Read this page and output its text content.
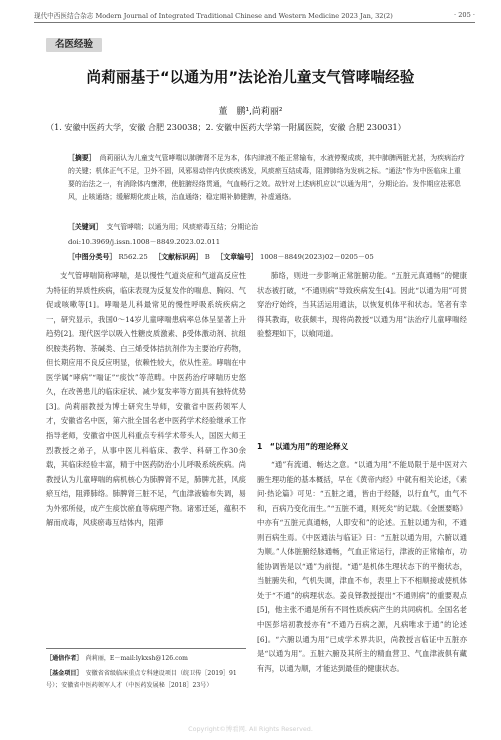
现代中西医结合杂志 Modern Journal of Integrated Traditional Chinese and Western Medicine 2023 Jan, 32(2)	· 205 ·
名医经验
尚莉丽基于“以通为用”法论治儿童支气管哮喘经验
董　鹏¹,尚莉丽²
（1. 安徽中医药大学，安徽 合肥 230038；2. 安徽中医药大学第一附属医院，安徽 合肥 230031）
［摘要］ 尚莉丽认为儿童支气管哮喘以肺脾肾不足为本，体内津液不能正常输布，水液停聚成痰，其中肺脾两脏尤甚，为疾病治疗的关键；机体正气不足，卫外不固，风邪易动伴内伏痰疾诱发，风痰瘀互结成毒，阻滞肺络为发病之标。“通法”作为中医临床上重要的治法之一，有消除体内壅滞，使脏腑经络贯通，气血畅行之效。故针对上述病机应以“以通为用”，分期论治。发作期应祛邪息风，止咳通络；缓解期化痰止咳，治血通络；稳定期补肺健脾，补虚通络。
［关键词］ 支气管哮喘；以通为用；风痰瘀毒互结；分期论治
doi:10.3969/j.issn.1008－8849.2023.02.011
［中图分类号］ R562.25 ［文献标识码］ B ［文章编号］ 1008－8849(2023)02－0205－05
支气管哮喘简称哮喘，是以慢性气道炎症和气道高反应性为特征的异质性疾病，临床表现为反复发作的喘息、胸闷、气促或咳嗽等[1]。哮喘是儿科最常见的慢性呼吸系统疾病之一，研究显示，我国0～14岁儿童哮喘患病率总体呈显著上升趋势[2]。现代医学以吸入性糖皮质激素、β受体激动剂、抗组织胺类药物、茶碱类、白三烯受体拮抗剂作为主要治疗药物，但长期应用不良反应明显，依赖性较大，依从性差。哮喘在中医学属“哮病”“喘证”“痰饮”等范畴。中医药治疗哮喘历史悠久，在改善患儿的临床症状、减少复发率等方面具有独特优势[3]。尚莉丽教授为博士研究生导师，安徽省中医药领军人才，安徽省名中医，第六批全国名老中医药学术经验继承工作指导老师，安徽省中医儿科重点专科学术带头人，国医大师王烈教授之弟子，从事中医儿科临床、教学、科研工作30余载，其临床经验丰富，精于中医药防治小儿呼吸系统疾病。尚教授认为儿童哮喘的病机核心为肺脾肾不足，肺脾尤甚，风痰瘀互结，阻滞肺络。肺脾肾三脏不足，气血津液输布失调，易为外邪所侵，成产生痰饮瘀血等病理产物。诸邪迁延，蕴积不解而成毒，风痰瘀毒互结体内，阻滞
肺络，则进一步影响正常脏腑功能。“五脏元真通畅”的健康状态被打破，“不通则病”导致疾病发生[4]。因此“以通为用”可贯穿治疗始终，当其活运用通法，以恢复机体平和状态。笔者有幸得其教诲，收获颇丰，现将尚教授“以通为用”法治疗儿童哮喘经验整理如下，以飨同道。
1　“以通为用”的理论释义
“通”有流通、畅达之意。“以通为用”不能局限于是中医对六腑生理功能的基本概括，早在《黄帝内经》中就有相关论述，《素问·热论篇》可见：“五脏之通，皆由于经隧，以行血气，血气不和，百病乃变化而生。”“五脏不通，则死矣”的记载。《金匮要略》中亦有“五脏元真通畅，人即安和”的论述。五脏以通为和，不通则百病生焉。《中医通法与临证》曰：“五脏以通为用，六腑以通为顺。”人体脏腑经脉通畅，气血正常运行，津液的正常输布，功能协调皆是以“通”为前提。“通”是机体生理状态下的平衡状态，当脏腑失和，气机失调，津血不布，表里上下不相顺接或使机体处于“不通”的病理状态。姜良铎教授提出“不通则病”的重要观点[5]，他主张不通是所有不同性质疾病产生的共同病机。全国名老中医彭培初教授亦有“不通乃百病之源，凡病唯求于通”的论述[6]。“六腑以通为用”已成学术界共识，尚教授言临证中五脏亦是“以通为用”。五脏六腑及其所主的精血营卫、气血津液俱有藏有泻，以通为顺，才能达到最佳的健康状态。
［通信作者］ 尚莉丽，E－mail:lykxsh@126.com
［基金项目］ 安徽省省级临床重点专科建设项目（皖卫传［2019］91号）；安徽省中医药领军人才（中医药发展秘［2018］23号）
Copyright©博看网. All Rights Reserved.
